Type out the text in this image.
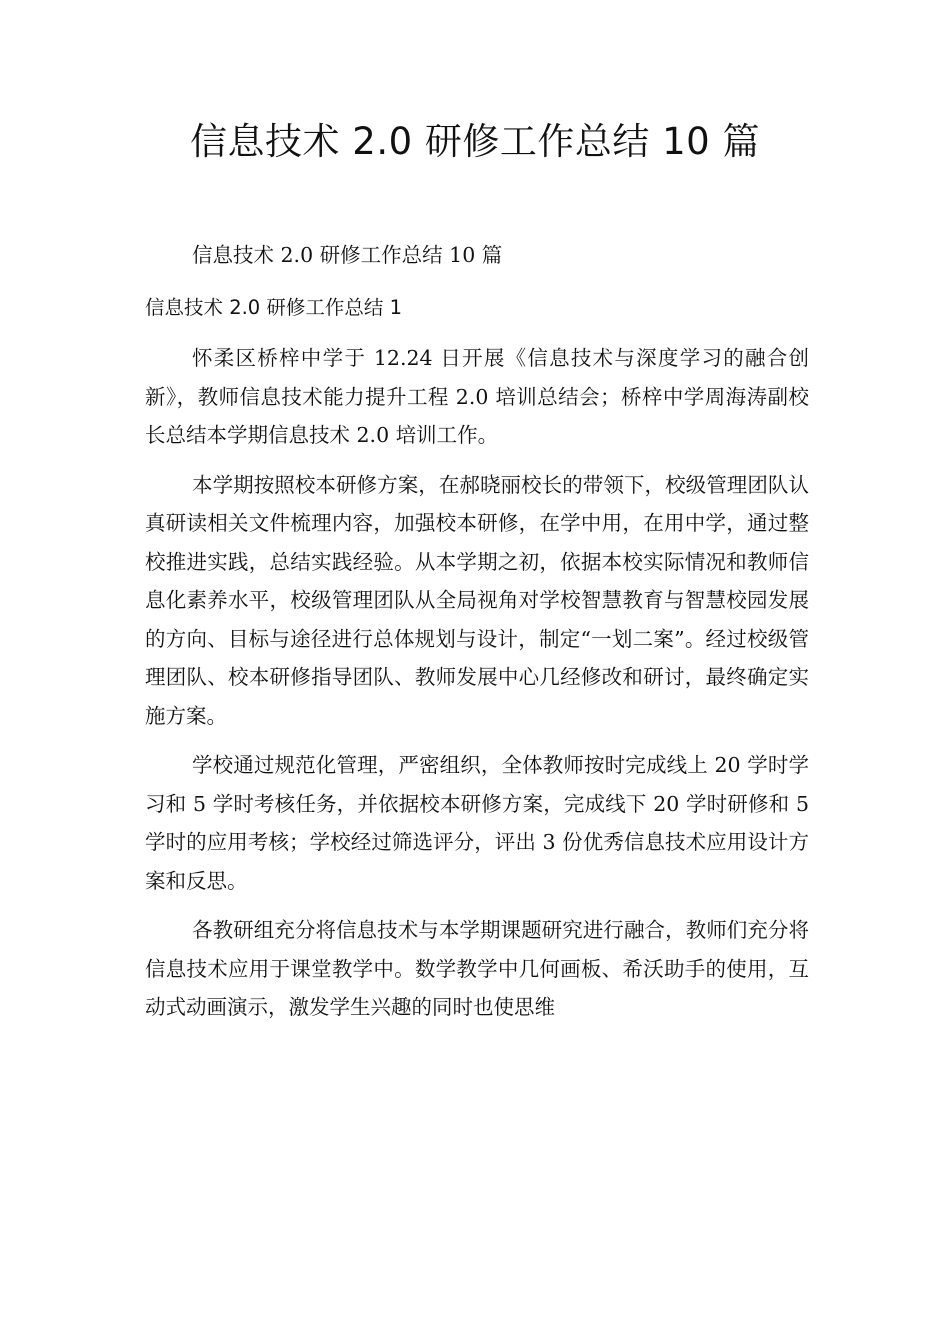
信息技术 2.0 研修工作总结 10 篇

信息技术 2.0 研修工作总结 10 篇

信息技术 2.0 研修工作总结 1

怀柔区桥梓中学于 12.24 日开展《信息技术与深度学习的融合创新》，教师信息技术能力提升工程 2.0 培训总结会；桥梓中学周海涛副校长总结本学期信息技术 2.0 培训工作。

本学期按照校本研修方案，在郝晓丽校长的带领下，校级管理团队认真研读相关文件梳理内容，加强校本研修，在学中用，在用中学，通过整校推进实践，总结实践经验。从本学期之初，依据本校实际情况和教师信息化素养水平，校级管理团队从全局视角对学校智慧教育与智慧校园发展的方向、目标与途径进行总体规划与设计，制定“一划二案”。经过校级管理团队、校本研修指导团队、教师发展中心几经修改和研讨，最终确定实施方案。

学校通过规范化管理，严密组织，全体教师按时完成线上 20 学时学习和 5 学时考核任务，并依据校本研修方案，完成线下 20 学时研修和 5 学时的应用考核；学校经过筛选评分，评出 3 份优秀信息技术应用设计方案和反思。

各教研组充分将信息技术与本学期课题研究进行融合，教师们充分将信息技术应用于课堂教学中。数学教学中几何画板、希沃助手的使用，互动式动画演示，激发学生兴趣的同时也使思维
